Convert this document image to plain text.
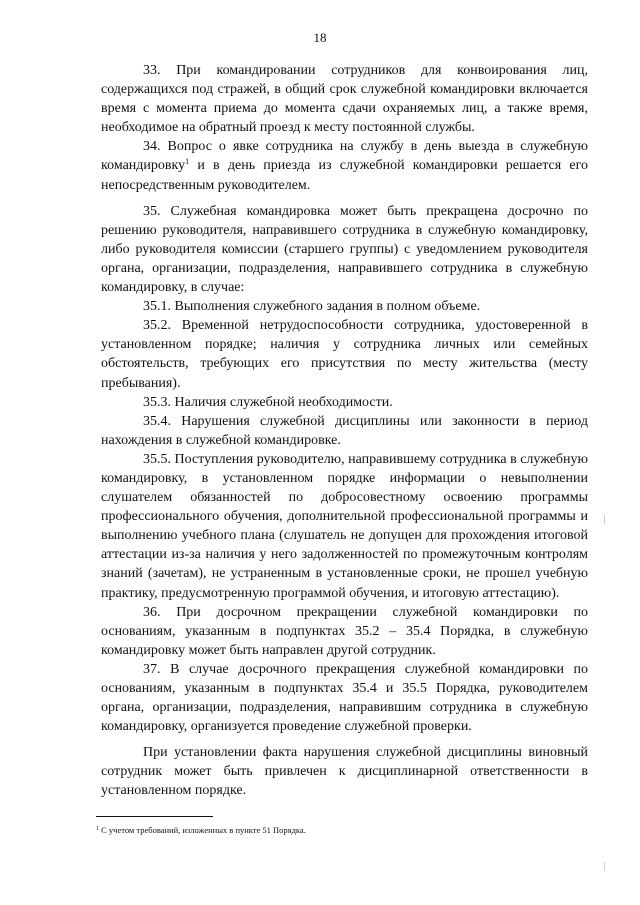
18

33. При командировании сотрудников для конвоирования лиц, содержащихся под стражей, в общий срок служебной командировки включается время с момента приема до момента сдачи охраняемых лиц, а также время, необходимое на обратный проезд к месту постоянной службы.

34. Вопрос о явке сотрудника на службу в день выезда в служебную командировку$^1$ и в день приезда из служебной командировки решается его непосредственным руководителем.

35. Служебная командировка может быть прекращена досрочно по решению руководителя, направившего сотрудника в служебную командировку, либо руководителя комиссии (старшего группы) с уведомлением руководителя органа, организации, подразделения, направившего сотрудника в служебную командировку, в случае:

35.1. Выполнения служебного задания в полном объеме.

35.2. Временной нетрудоспособности сотрудника, удостоверенной в установленном порядке; наличия у сотрудника личных или семейных обстоятельств, требующих его присутствия по месту жительства (месту пребывания).

35.3. Наличия служебной необходимости.

35.4. Нарушения служебной дисциплины или законности в период нахождения в служебной командировке.

35.5. Поступления руководителю, направившему сотрудника в служебную командировку, в установленном порядке информации о невыполнении слушателем обязанностей по добросовестному освоению программы профессионального обучения, дополнительной профессиональной программы и выполнению учебного плана (слушатель не допущен для прохождения итоговой аттестации из-за наличия у него задолженностей по промежуточным контролям знаний (зачетам), не устраненным в установленные сроки, не прошел учебную практику, предусмотренную программой обучения, и итоговую аттестацию).

36. При досрочном прекращении служебной командировки по основаниям, указанным в подпунктах 35.2 – 35.4 Порядка, в служебную командировку может быть направлен другой сотрудник.

37. В случае досрочного прекращения служебной командировки по основаниям, указанным в подпунктах 35.4 и 35.5 Порядка, руководителем органа, организации, подразделения, направившим сотрудника в служебную командировку, организуется проведение служебной проверки.

При установлении факта нарушения служебной дисциплины виновный сотрудник может быть привлечен к дисциплинарной ответственности в установленном порядке.

$^1$ С учетом требований, изложенных в пункте 51 Порядка.
